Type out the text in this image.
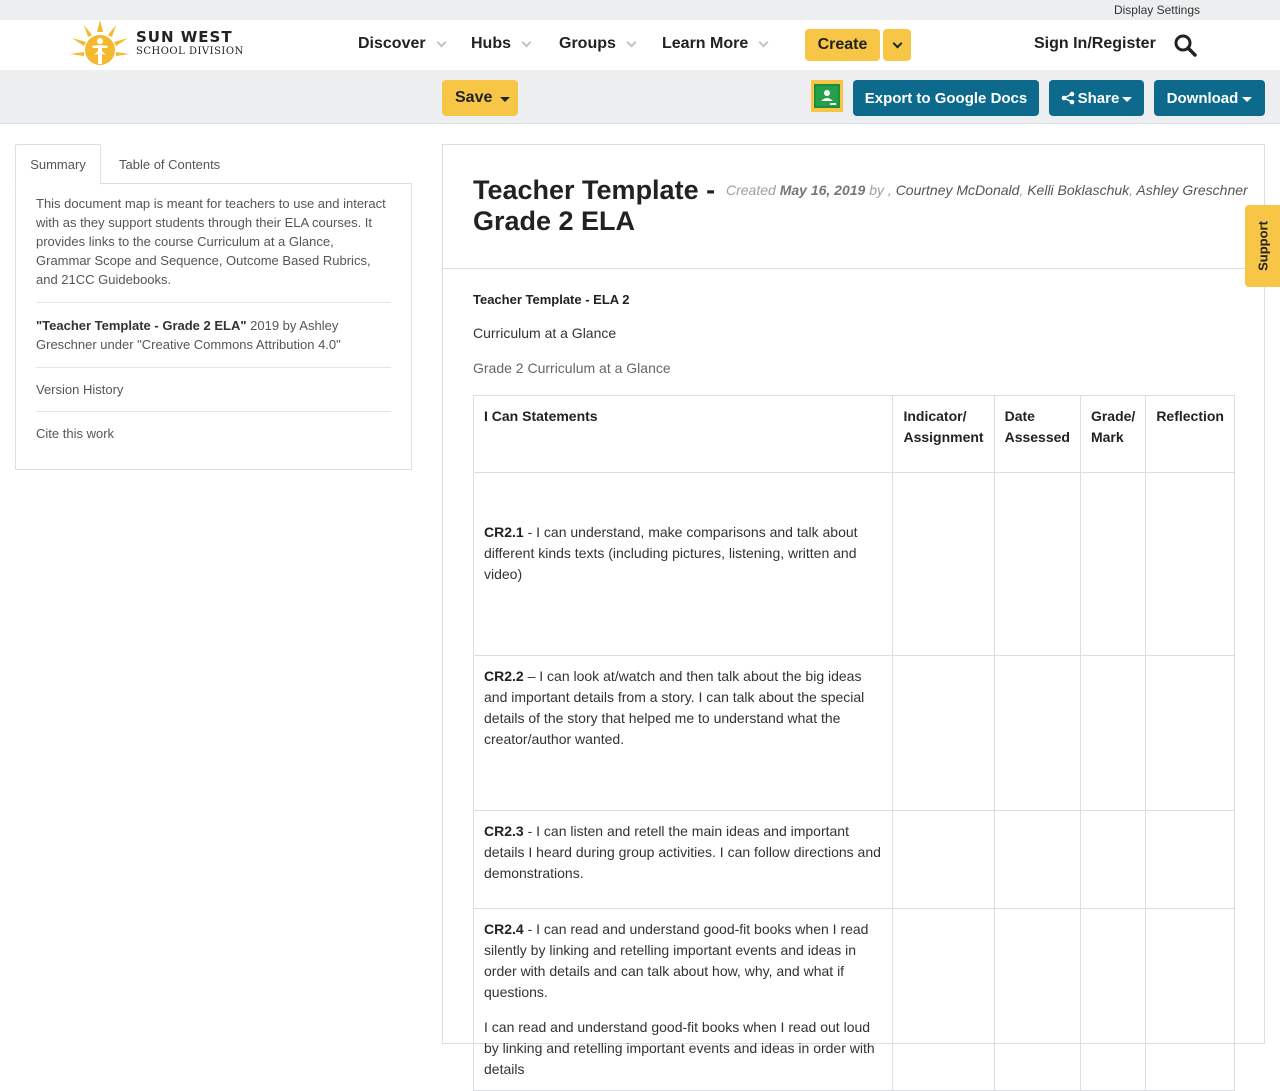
Display Settings
SUN WEST
SCHOOL DIVISION	Discover	Hubs	Groups	Learn More	Create	Sign In/Register
Save	Export to Google Docs	Share	Download
Summary	Table of Contents
This document map is meant for teachers to use and interact with as they support students through their ELA courses. It provides links to the course Curriculum at a Glance, Grammar Scope and Sequence, Outcome Based Rubrics, and 21CC Guidebooks.
"Teacher Template - Grade 2 ELA" 2019 by Ashley Greschner under "Creative Commons Attribution 4.0"
Version History
Cite this work
Teacher Template - Grade 2 ELA
Created May 16, 2019 by , Courtney McDonald, Kelli Boklaschuk, Ashley Greschner
Teacher Template - ELA 2
Curriculum at a Glance
Grade 2 Curriculum at a Glance
I Can Statements	Indicator/ Assignment	Date Assessed	Grade/ Mark	Reflection
CR2.1 - I can understand, make comparisons and talk about different kinds texts (including pictures, listening, written and video)

CR2.2 – I can look at/watch and then talk about the big ideas and important details from a story. I can talk about the special details of the story that helped me to understand what the creator/author wanted.				
CR2.3 - I can listen and retell the main ideas and important details I heard during group activities. I can follow directions and demonstrations.				
CR2.4 - I can read and understand good-fit books when I read silently by linking and retelling important events and ideas in order with details and can talk about how, why, and what if questions.
I can read and understand good-fit books when I read out loud by linking and retelling important events and ideas in order with details				

Support
